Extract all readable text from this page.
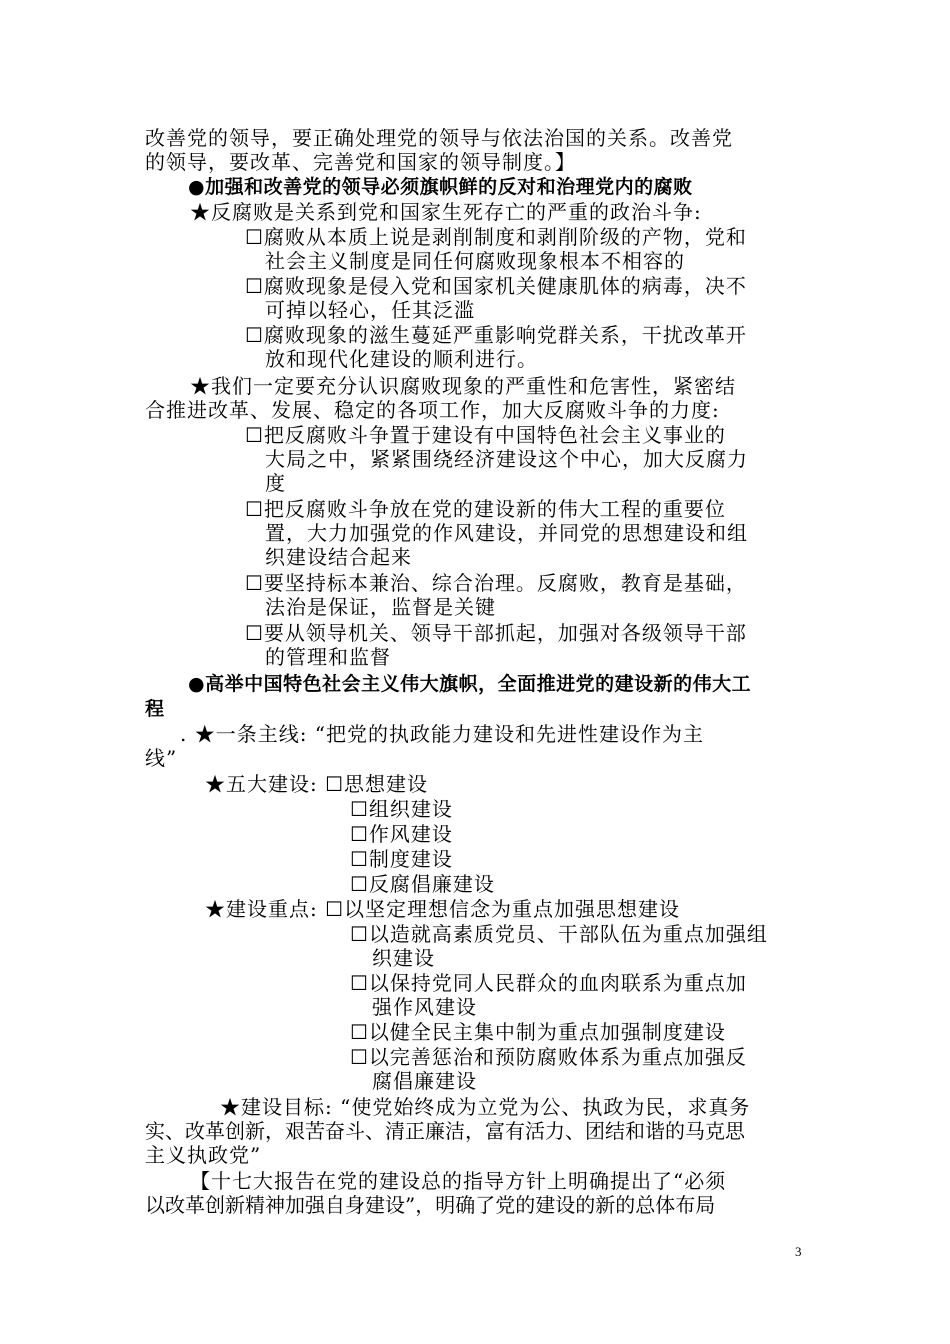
改善党的领导，要正确处理党的领导与依法治国的关系。改善党
的领导，要改革、完善党和国家的领导制度。】
●加强和改善党的领导必须旗帜鲜的反对和治理党内的腐败
★反腐败是关系到党和国家生死存亡的严重的政治斗争:
☐腐败从本质上说是剥削制度和剥削阶级的产物，党和
社会主义制度是同任何腐败现象根本不相容的
☐腐败现象是侵入党和国家机关健康肌体的病毒，决不
可掉以轻心，任其泛滥
☐腐败现象的滋生蔓延严重影响党群关系，干扰改革开
放和现代化建设的顺利进行。
★我们一定要充分认识腐败现象的严重性和危害性，紧密结
合推进改革、发展、稳定的各项工作，加大反腐败斗争的力度:
☐把反腐败斗争置于建设有中国特色社会主义事业的
大局之中，紧紧围绕经济建设这个中心，加大反腐力
度
☐把反腐败斗争放在党的建设新的伟大工程的重要位
置，大力加强党的作风建设，并同党的思想建设和组
织建设结合起来
☐要坚持标本兼治、综合治理。反腐败，教育是基础，
法治是保证，监督是关键
☐要从领导机关、领导干部抓起，加强对各级领导干部
的管理和监督
●高举中国特色社会主义伟大旗帜，全面推进党的建设新的伟大工
程
. ★一条主线: “把党的执政能力建设和先进性建设作为主
线”
★五大建设: ☐思想建设
☐组织建设
☐作风建设
☐制度建设
☐反腐倡廉建设
★建设重点: ☐以坚定理想信念为重点加强思想建设
☐以造就高素质党员、干部队伍为重点加强组
织建设
☐以保持党同人民群众的血肉联系为重点加
强作风建设
☐以健全民主集中制为重点加强制度建设
☐以完善惩治和预防腐败体系为重点加强反
腐倡廉建设
★建设目标: “使党始终成为立党为公、执政为民，求真务
实、改革创新，艰苦奋斗、清正廉洁，富有活力、团结和谐的马克思
主义执政党”
【十七大报告在党的建设总的指导方针上明确提出了“必须
以改革创新精神加强自身建设”，明确了党的建设的新的总体布局
3
